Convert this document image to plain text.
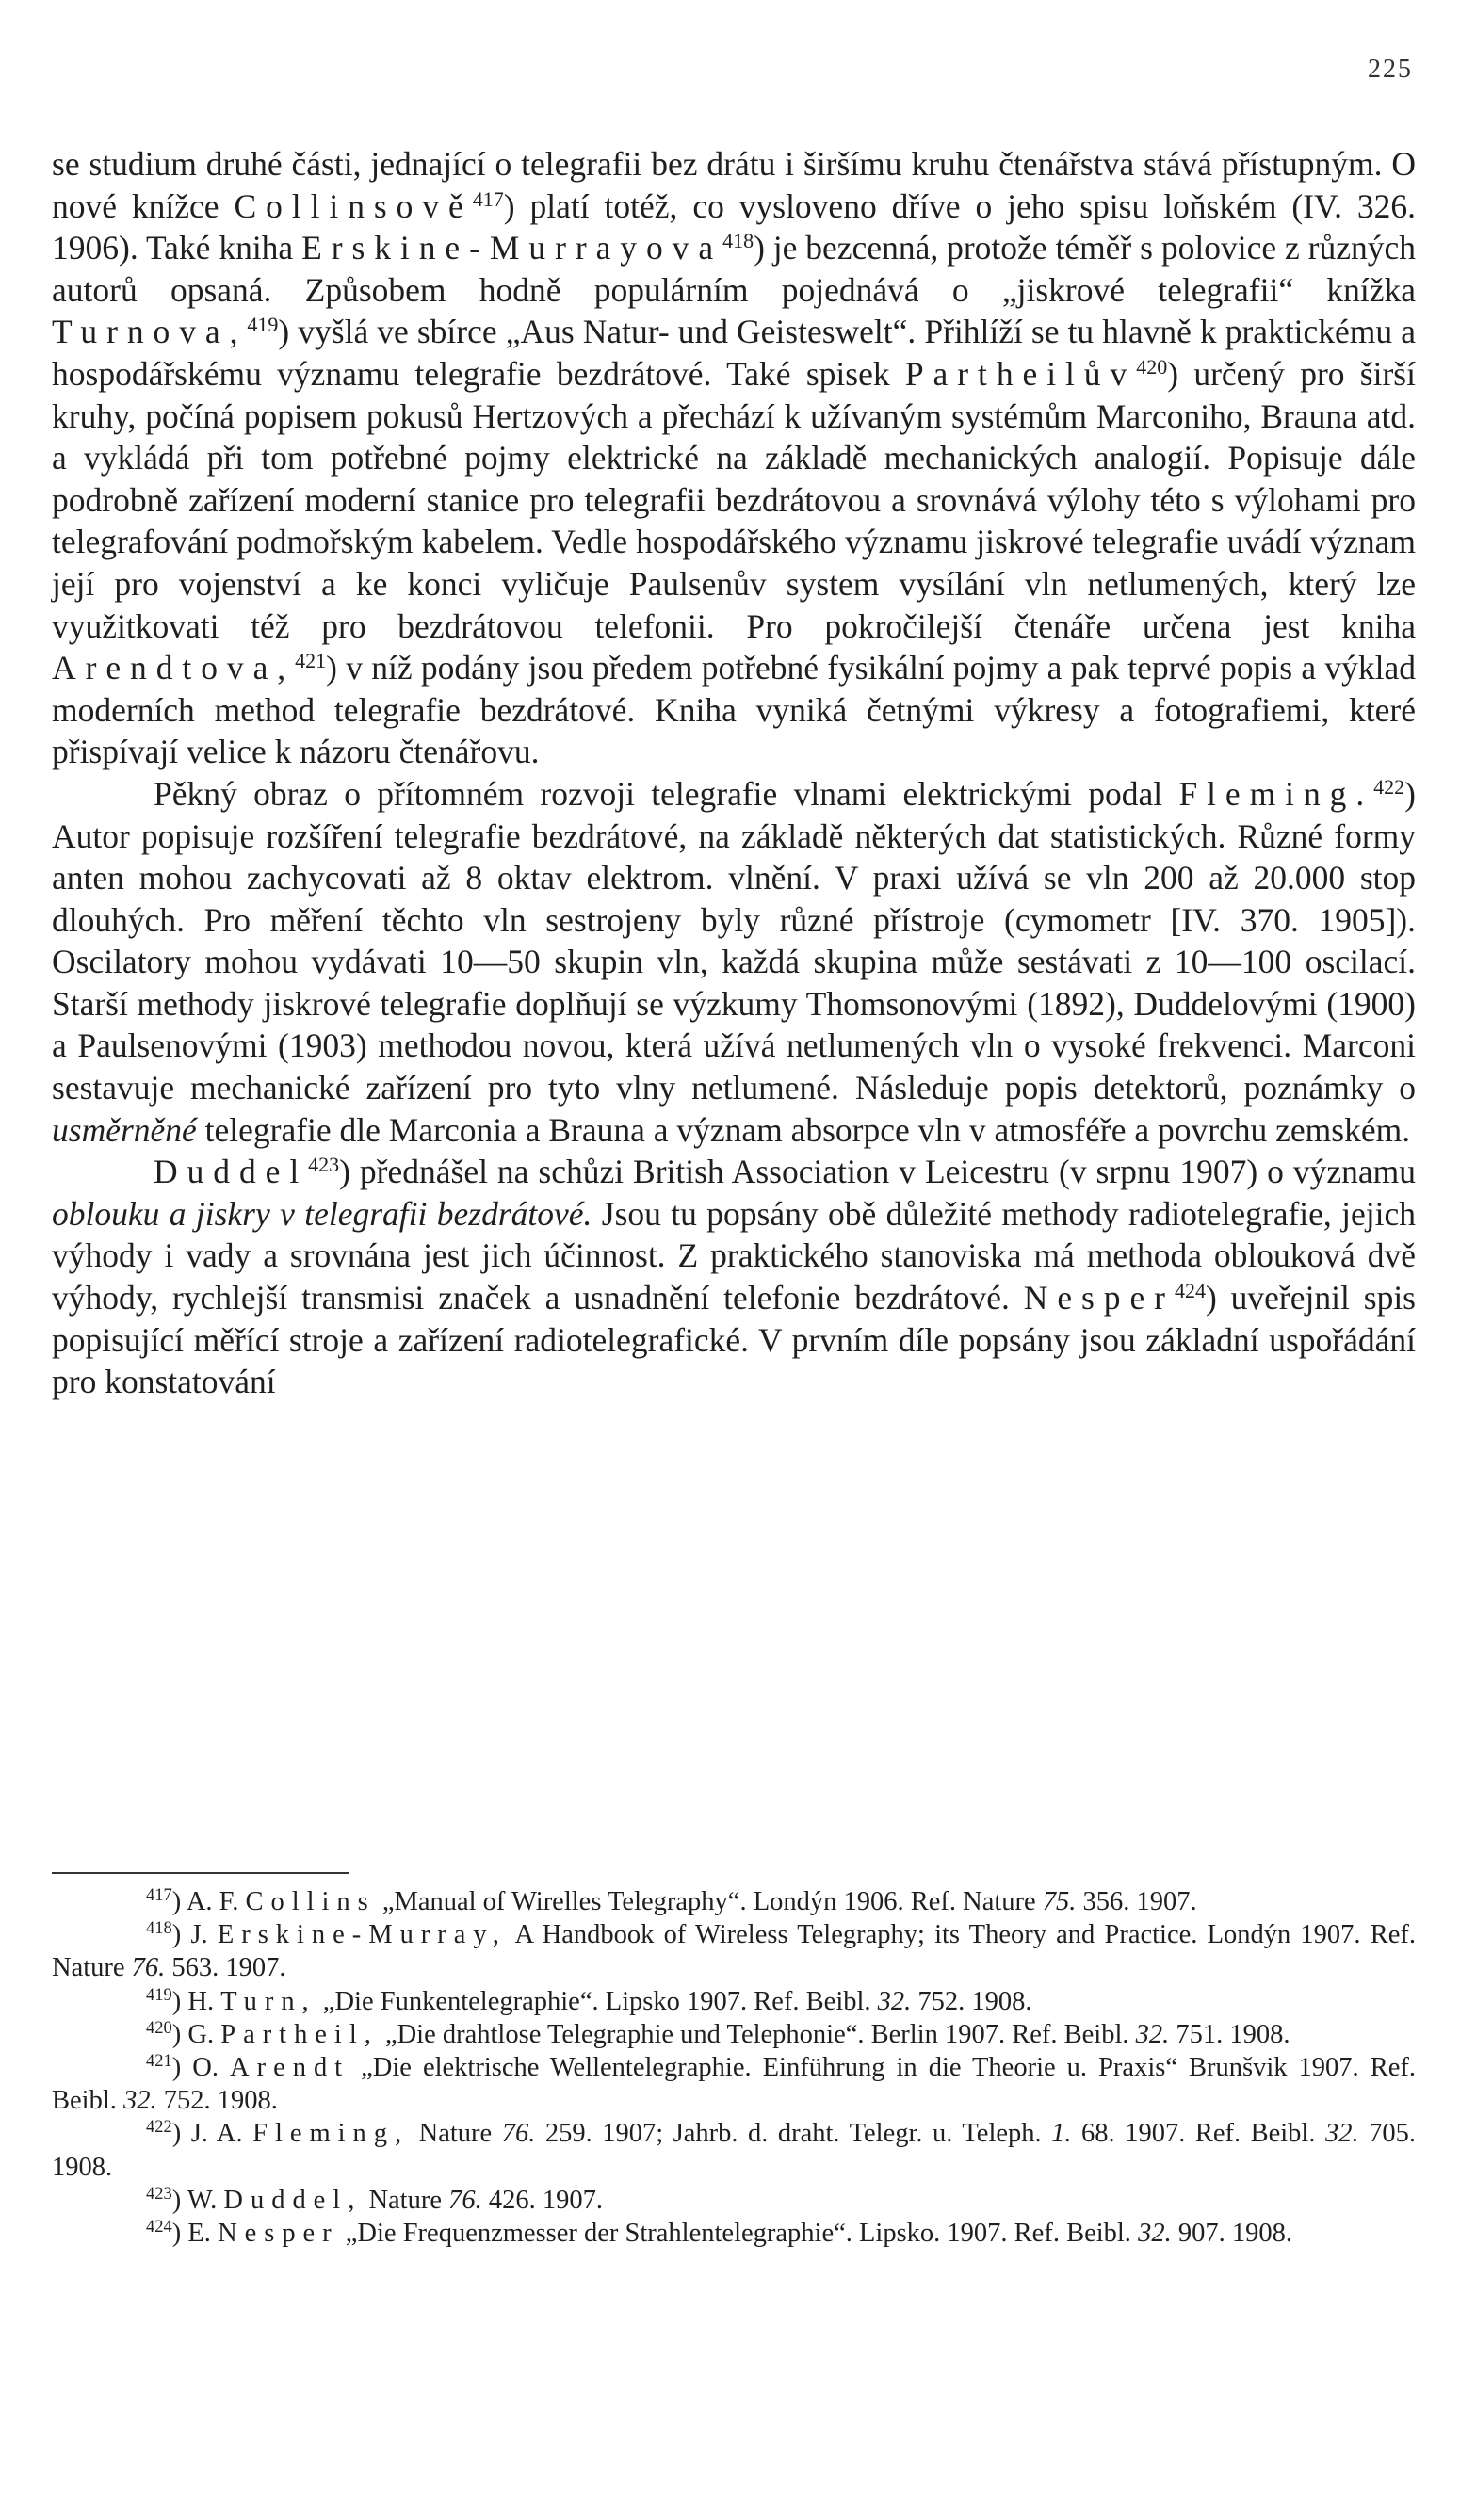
225

se studium druhé části, jednající o telegrafii bez drátu i širšímu kruhu čtenářstva stává přístupným. O nové knížce Collinsově$^{417}$) platí totéž, co vysloveno dříve o jeho spisu loňském (IV. 326. 1906). Také kniha Erskine-Murrayova$^{418}$) je bezcenná, protože téměř s polovice z různých autorů opsaná. Způsobem hodně populárním pojednává o „jiskrové telegrafii“ knížka Turnova,$^{419}$) vyšlá ve sbírce „Aus Natur- und Geisteswelt“. Přihlíží se tu hlavně k praktickému a hospodářskému významu telegrafie bezdrátové. Také spisek Partheilův$^{420}$) určený pro širší kruhy, počíná popisem pokusů Hertzových a přechází k užívaným systémům Marconiho, Brauna atd. a vykládá při tom potřebné pojmy elektrické na základě mechanických analogií. Popisuje dále podrobně zařízení moderní stanice pro telegrafii bezdrátovou a srovnává výlohy této s výlohami pro telegrafování podmořským kabelem. Vedle hospodářského významu jiskrové telegrafie uvádí význam její pro vojenství a ke konci vyličuje Paulsenův system vysílání vln netlumených, který lze využitkovati též pro bezdrátovou telefonii. Pro pokročilejší čtenáře určena jest kniha Arendtova,$^{421}$) v níž podány jsou předem potřebné fysikální pojmy a pak teprvé popis a výklad moderních method telegrafie bezdrátové. Kniha vyniká četnými výkresy a fotografiemi, které přispívají velice k názoru čtenářovu.

Pěkný obraz o přítomném rozvoji telegrafie vlnami elektrickými podal Fleming.$^{422}$) Autor popisuje rozšíření telegrafie bezdrátové, na základě některých dat statistických. Různé formy anten mohou zachycovati až 8 oktav elektrom. vlnění. V praxi užívá se vln 200 až 20.000 stop dlouhých. Pro měření těchto vln sestrojeny byly různé přístroje (cymometr [IV. 370. 1905]). Oscilatory mohou vydávati 10—50 skupin vln, každá skupina může sestávati z 10—100 oscilací. Starší methody jiskrové telegrafie doplňují se výzkumy Thomsonovými (1892), Duddelovými (1900) a Paulsenovými (1903) methodou novou, která užívá netlumených vln o vysoké frekvenci. Marconi sestavuje mechanické zařízení pro tyto vlny netlumené. Následuje popis detektorů, poznámky o usměrněné telegrafie dle Marconia a Brauna a význam absorpce vln v atmosféře a povrchu zemském.

Duddel$^{423}$) přednášel na schůzi British Association v Leicestru (v srpnu 1907) o významu oblouku a jiskry v telegrafii bezdrátové. Jsou tu popsány obě důležité methody radiotelegrafie, jejich výhody i vady a srovnána jest jich účinnost. Z praktického stanoviska má methoda oblouková dvě výhody, rychlejší transmisi značek a usnadnění telefonie bezdrátové. Nesper$^{424}$) uveřejnil spis popisující měřící stroje a zařízení radiotelegrafické. V prvním díle popsány jsou základní uspořádání pro konstatování

$^{417}$) A. F. Collins „Manual of Wirelles Telegraphy“. Londýn 1906. Ref. Nature 75. 356. 1907.

$^{418}$) J. Erskine-Murray, A Handbook of Wireless Telegraphy; its Theory and Practice. Londýn 1907. Ref. Nature 76. 563. 1907.

$^{419}$) H. Turn, „Die Funkentelegraphie“. Lipsko 1907. Ref. Beibl. 32. 752. 1908.

$^{420}$) G. Partheil, „Die drahtlose Telegraphie und Telephonie“. Berlin 1907. Ref. Beibl. 32. 751. 1908.

$^{421}$) O. Arendt „Die elektrische Wellentelegraphie. Einführung in die Theorie u. Praxis“ Brunšvik 1907. Ref. Beibl. 32. 752. 1908.

$^{422}$) J. A. Fleming, Nature 76. 259. 1907; Jahrb. d. draht. Telegr. u. Teleph. 1. 68. 1907. Ref. Beibl. 32. 705. 1908.

$^{423}$) W. Duddel, Nature 76. 426. 1907.

$^{424}$) E. Nesper „Die Frequenzmesser der Strahlentelegraphie“. Lipsko. 1907. Ref. Beibl. 32. 907. 1908.
